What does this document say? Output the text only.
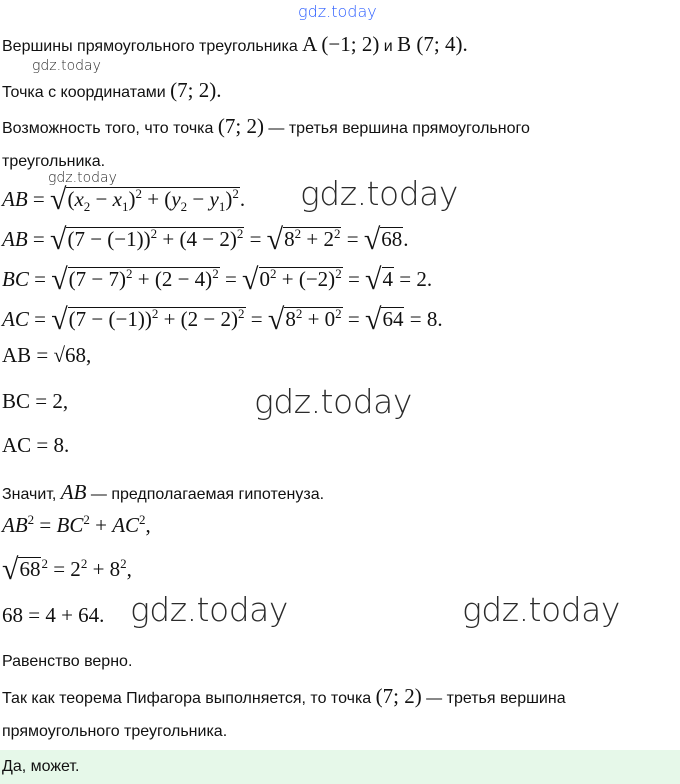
gdz.today
gdz.today
gdz.today
Вершины прямоугольного треугольника A (−1; 2) и B (7; 4).
Точка с координатами (7; 2).
Возможность того, что точка (7; 2) — третья вершина прямоугольного
треугольника.
AB = $√(x_2 - x_1)^2 + (y_2 - y_1)^2$. gdz.today
AB = $√(7 - (-1))^2 + (4 - 2)^2 = √8^2 + 2^2 = √68$.
BC = $√(7 - 7)^2 + (2 - 4)^2 = √0^2 + (-2)^2 = √4 = 2$.
AC = $√(7 - (-1))^2 + (2 - 2)^2 = √8^2 + 0^2 = √64 = 8$.
AB = √68,
BC = 2,	gdz.today
AC = 8.
Значит, AB — предполагаемая гипотенуза.
$AB^2 = BC^2 + AC^2$,
$√68^2 = 2^2 + 8^2$,
68 = 4 + 64. gdz.today	gdz.today
Равенство верно.
Так как теорема Пифагора выполняется, то точка (7; 2) — третья вершина
прямоугольного треугольника.
Да, может.
